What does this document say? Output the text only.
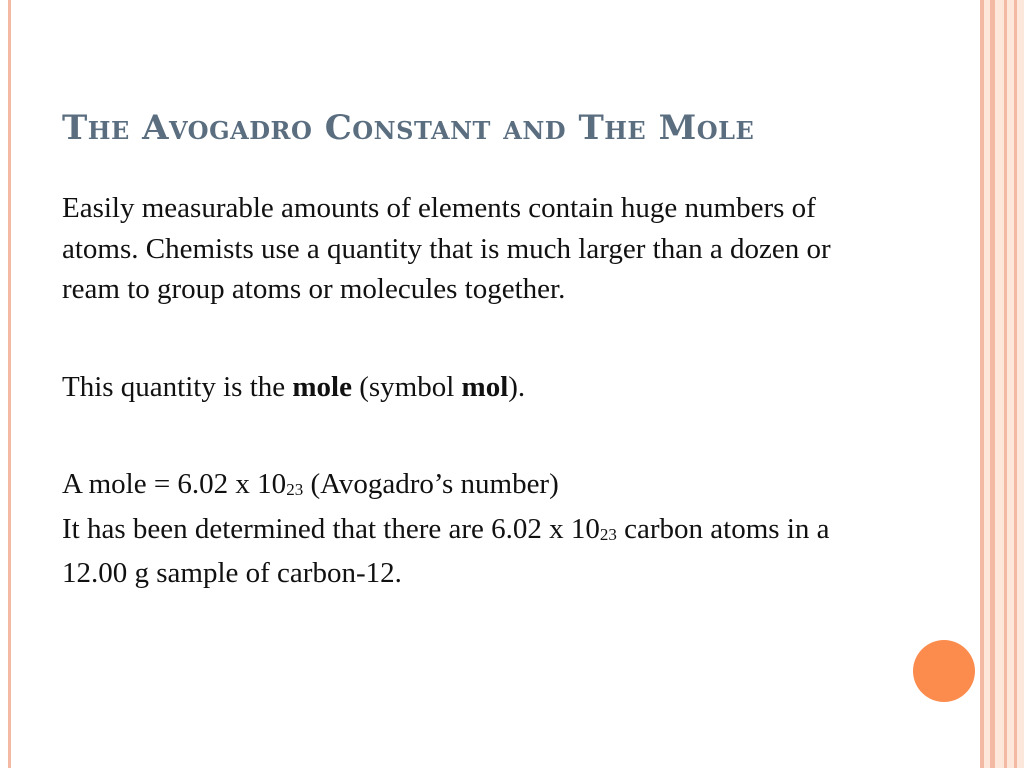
The Avogadro Constant and The Mole

Easily measurable amounts of elements contain huge numbers of atoms. Chemists use a quantity that is much larger than a dozen or ream to group atoms or molecules together.

This quantity is the mole (symbol mol).

A mole = 6.02 x $10_{23}$ (Avogadro’s number)

It has been determined that there are 6.02 x $10_{23}$ carbon atoms in a 12.00 g sample of carbon-12.
